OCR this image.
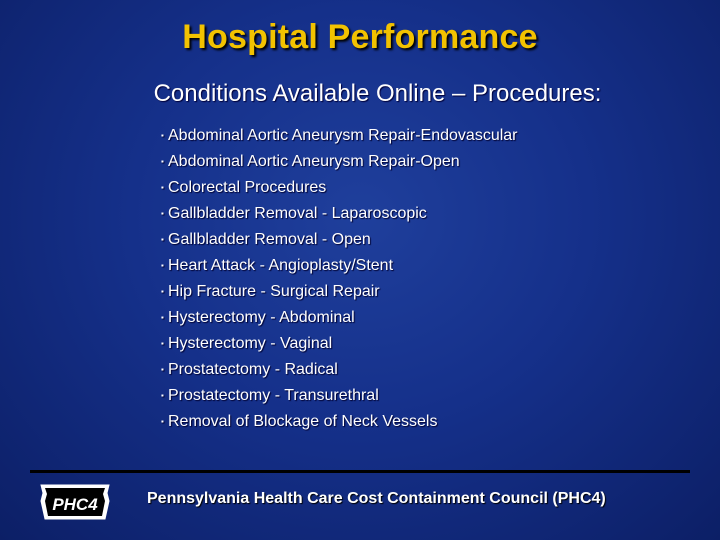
Hospital Performance
Conditions Available Online – Procedures:
▪ Abdominal Aortic Aneurysm Repair-Endovascular
▪ Abdominal Aortic Aneurysm Repair-Open
▪ Colorectal Procedures
▪ Gallbladder Removal - Laparoscopic
▪ Gallbladder Removal - Open
▪ Heart Attack - Angioplasty/Stent
▪ Hip Fracture - Surgical Repair
▪ Hysterectomy - Abdominal
▪ Hysterectomy - Vaginal
▪ Prostatectomy - Radical
▪ Prostatectomy - Transurethral
▪ Removal of Blockage of Neck Vessels
PHC4	Pennsylvania Health Care Cost Containment Council (PHC4)
